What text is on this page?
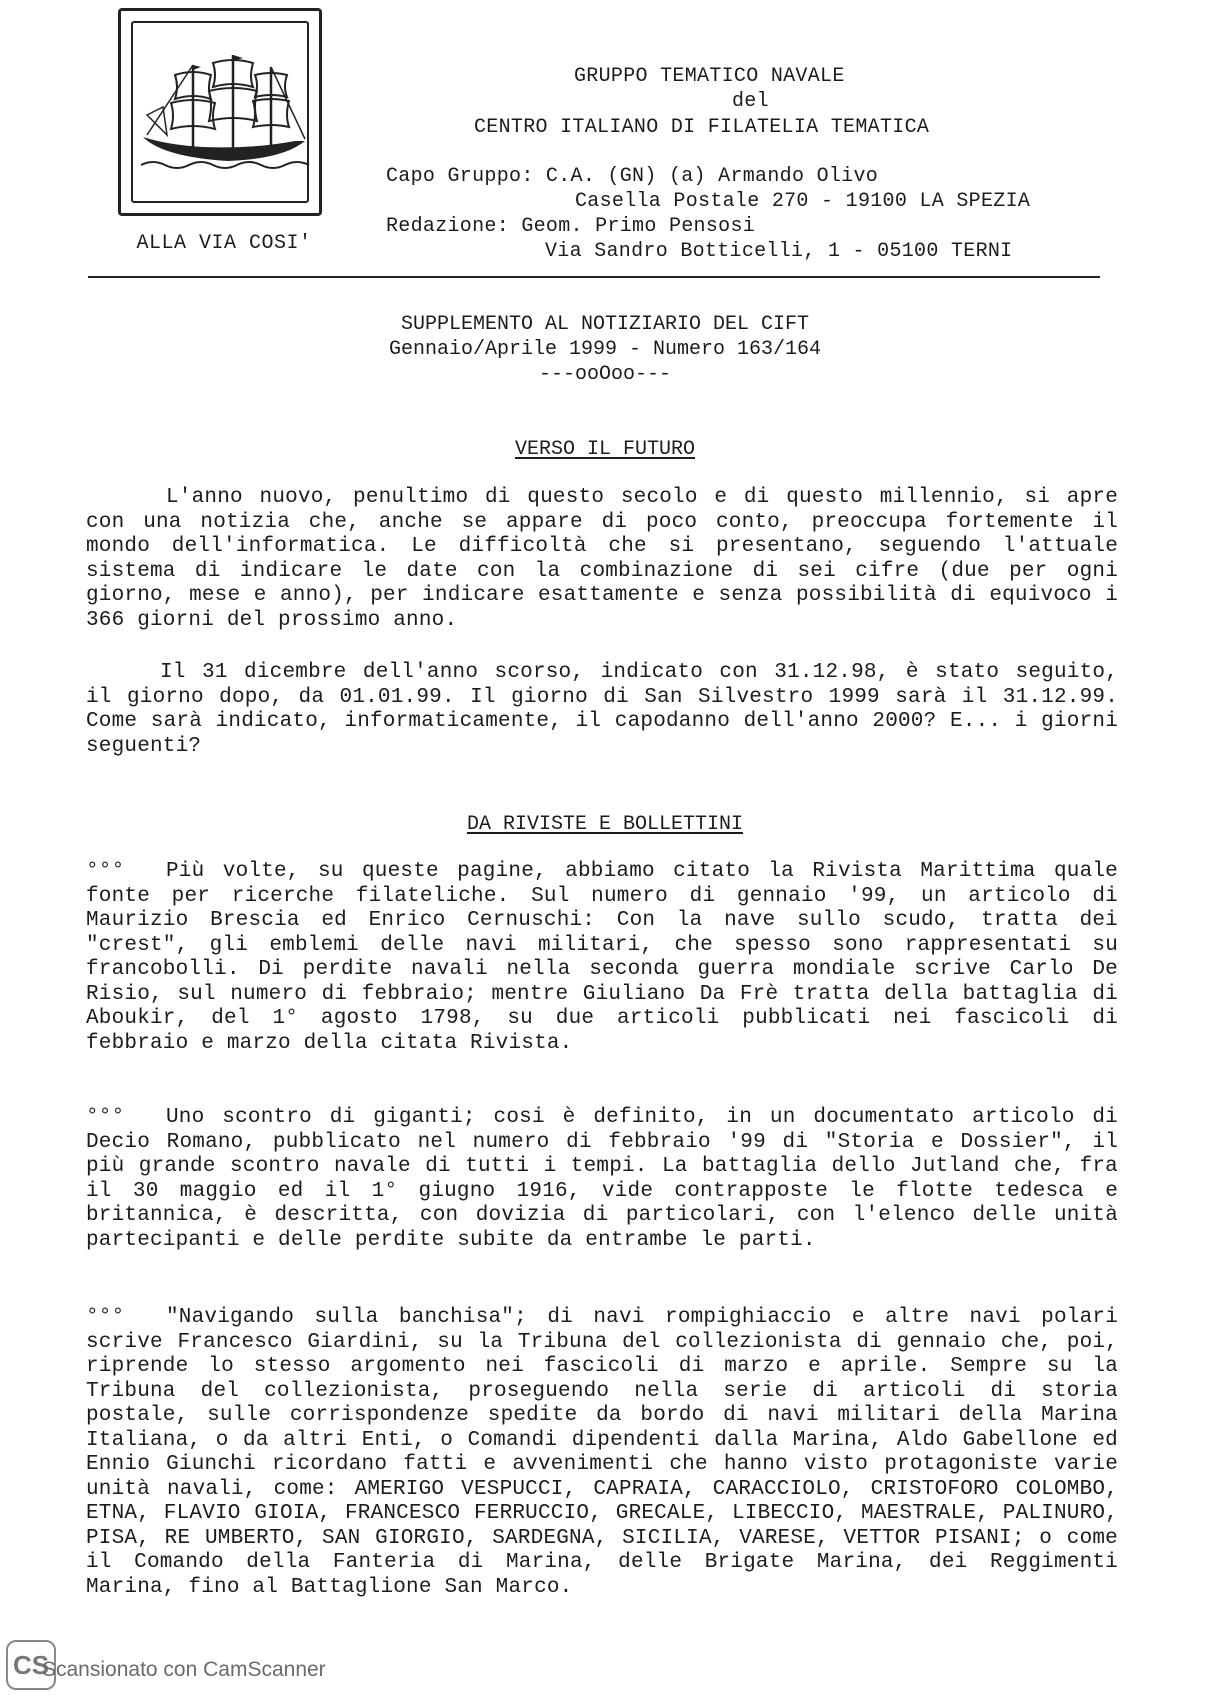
ALLA VIA COSI'
GRUPPO TEMATICO NAVALE
del
CENTRO ITALIANO DI FILATELIA TEMATICA
Capo Gruppo: C.A. (GN) (a) Armando Olivo
Casella Postale 270 - 19100 LA SPEZIA
Redazione: Geom. Primo Pensosi
Via Sandro Botticelli, 1 - 05100 TERNI
SUPPLEMENTO AL NOTIZIARIO DEL CIFT
Gennaio/Aprile 1999 - Numero 163/164
---ooOoo---
VERSO IL FUTURO
L'anno nuovo, penultimo di questo secolo e di questo millennio, si apre con una notizia che, anche se appare di poco conto, preoccupa fortemente il mondo dell'informatica. Le difficoltà che si presentano, seguendo l'attuale sistema di indicare le date con la combinazione di sei cifre (due per ogni giorno, mese e anno), per indicare esattamente e senza possibilità di equivoco i 366 giorni del prossimo anno.
Il 31 dicembre dell'anno scorso, indicato con 31.12.98, è stato seguito, il giorno dopo, da 01.01.99. Il giorno di San Silvestro 1999 sarà il 31.12.99. Come sarà indicato, informaticamente, il capodanno dell'anno 2000? E... i giorni seguenti?
DA RIVISTE E BOLLETTINI
°°° Più volte, su queste pagine, abbiamo citato la Rivista Marittima quale fonte per ricerche filateliche. Sul numero di gennaio '99, un articolo di Maurizio Brescia ed Enrico Cernuschi: Con la nave sullo scudo, tratta dei "crest", gli emblemi delle navi militari, che spesso sono rappresentati su francobolli. Di perdite navali nella seconda guerra mondiale scrive Carlo De Risio, sul numero di febbraio; mentre Giuliano Da Frè tratta della battaglia di Aboukir, del 1° agosto 1798, su due articoli pubblicati nei fascicoli di febbraio e marzo della citata Rivista.
°°° Uno scontro di giganti; cosi è definito, in un documentato articolo di Decio Romano, pubblicato nel numero di febbraio '99 di "Storia e Dossier", il più grande scontro navale di tutti i tempi. La battaglia dello Jutland che, fra il 30 maggio ed il 1° giugno 1916, vide contrapposte le flotte tedesca e britannica, è descritta, con dovizia di particolari, con l'elenco delle unità partecipanti e delle perdite subite da entrambe le parti.
°°° "Navigando sulla banchisa"; di navi rompighiaccio e altre navi polari scrive Francesco Giardini, su la Tribuna del collezionista di gennaio che, poi, riprende lo stesso argomento nei fascicoli di marzo e aprile. Sempre su la Tribuna del collezionista, proseguendo nella serie di articoli di storia postale, sulle corrispondenze spedite da bordo di navi militari della Marina Italiana, o da altri Enti, o Comandi dipendenti dalla Marina, Aldo Gabellone ed Ennio Giunchi ricordano fatti e avvenimenti che hanno visto protagoniste varie unità navali, come: AMERIGO VESPUCCI, CAPRAIA, CARACCIOLO, CRISTOFORO COLOMBO, ETNA, FLAVIO GIOIA, FRANCESCO FERRUCCIO, GRECALE, LIBECCIO, MAESTRALE, PALINURO, PISA, RE UMBERTO, SAN GIORGIO, SARDEGNA, SICILIA, VARESE, VETTOR PISANI; o come il Comando della Fanteria di Marina, delle Brigate Marina, dei Reggimenti Marina, fino al Battaglione San Marco.
CS
Scansionato con CamScanner
